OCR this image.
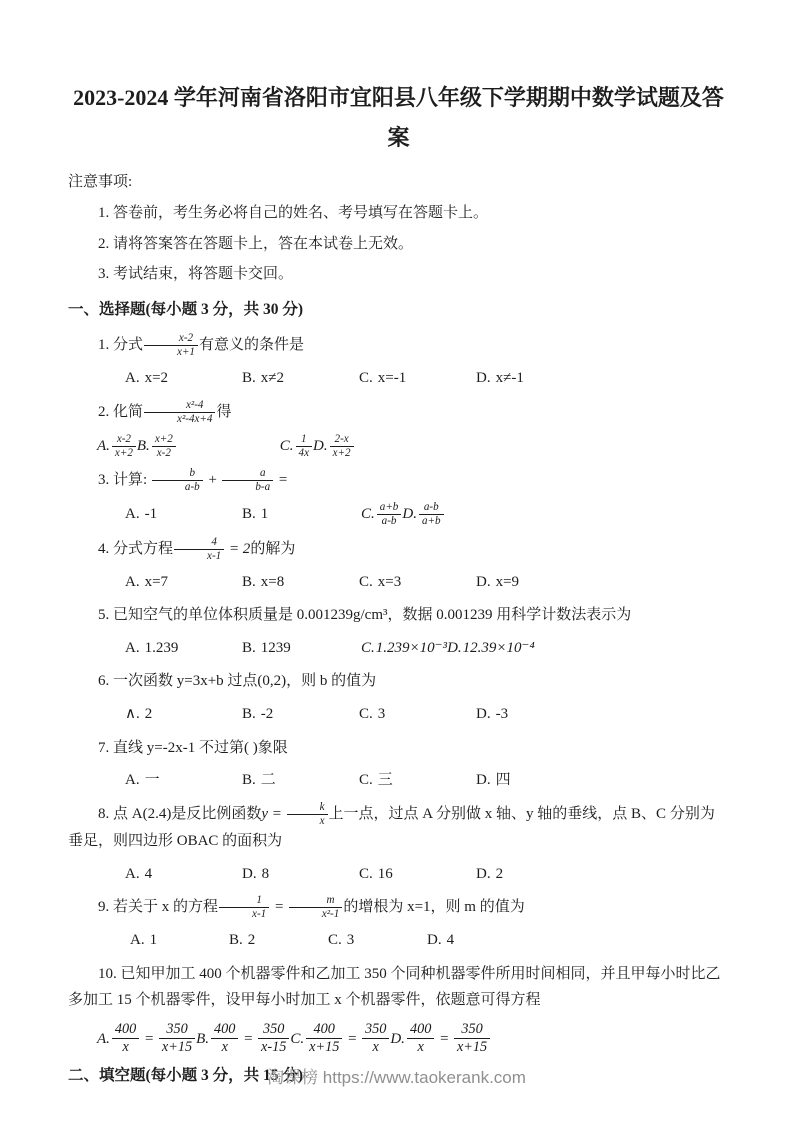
2023-2024 学年河南省洛阳市宜阳县八年级下学期期中数学试题及答案

注意事项:

1. 答卷前，考生务必将自己的姓名、考号填写在答题卡上。

2. 请将答案答在答题卡上，答在本试卷上无效。

3. 考试结束，将答题卡交回。

一、选择题(每小题 3 分，共 30 分)
1. 分式 $\frac{x-2}{x+1}$ 有意义的条件是
A. x=2	B. x≠2	C. x=-1	D. x≠-1
2. 化简 $\frac{\text{x²-4}}{\text{x²-4x+4}}$ 得
A. $\frac{x-2}{x+2} B$. $\frac{x+2}{x-2}$	C. $\frac{1}{4x} D$. $\frac{2-x}{x+2}$
3. 计算: $\frac{b}{a-b} + \frac{a}{b-a}$ =
A. -1	B. 1	C. $\frac{a+b}{a-b} D$. $\frac{a-b}{a+b}$
4. 分式方程 $\frac{4}{x-1} = 2$的解为
A. x=7	B. x=8	C. x=3	D. x=9
5. 已知空气的单位体积质量是 0.001239g/cm³，数据 0.001239 用科学计数法表示为
A. 1.239	B. 1239	C.1.239×10⁻³D.12.39×10⁻⁴
6. 一次函数 y=3x+b 过点(0,2)，则 b 的值为
∧. 2	B. -2	C. 3	D. -3
7. 直线 y=-2x-1 不过第( )象限
A. 一	B. 二	C. 三	D. 四
8. 点 A(2.4)是反比例函数$y = \frac{k}{x}$ 上一点，过点 A 分别做 x 轴、y 轴的垂线，点 B、C 分别为垂足，则四边形 OBAC 的面积为
A. 4	D. 8	C. 16	D. 2
9. 若关于 x 的方程 $\frac{1}{x-1} = \frac{m}{\text{x²-1}}$ 的增根为 x=1，则 m 的值为
A. 1	B. 2	C. 3	D. 4
10. 已知甲加工 400 个机器零件和乙加工 350 个同种机器零件所用时间相同，并且甲每小时比乙多加工 15 个机器零件，设甲每小时加工 x 个机器零件，依题意可得方程
A. $\frac{400}{x} = \frac{350}{x+15} B$. $\frac{400}{x} = \frac{350}{x-15} C$. $\frac{400}{x+15} = \frac{350}{x} D$. $\frac{400}{x} = \frac{350}{x+15}$
二、填空题(每小题 3 分，共 15 分)
淘课榜 https://www.taokerank.com
